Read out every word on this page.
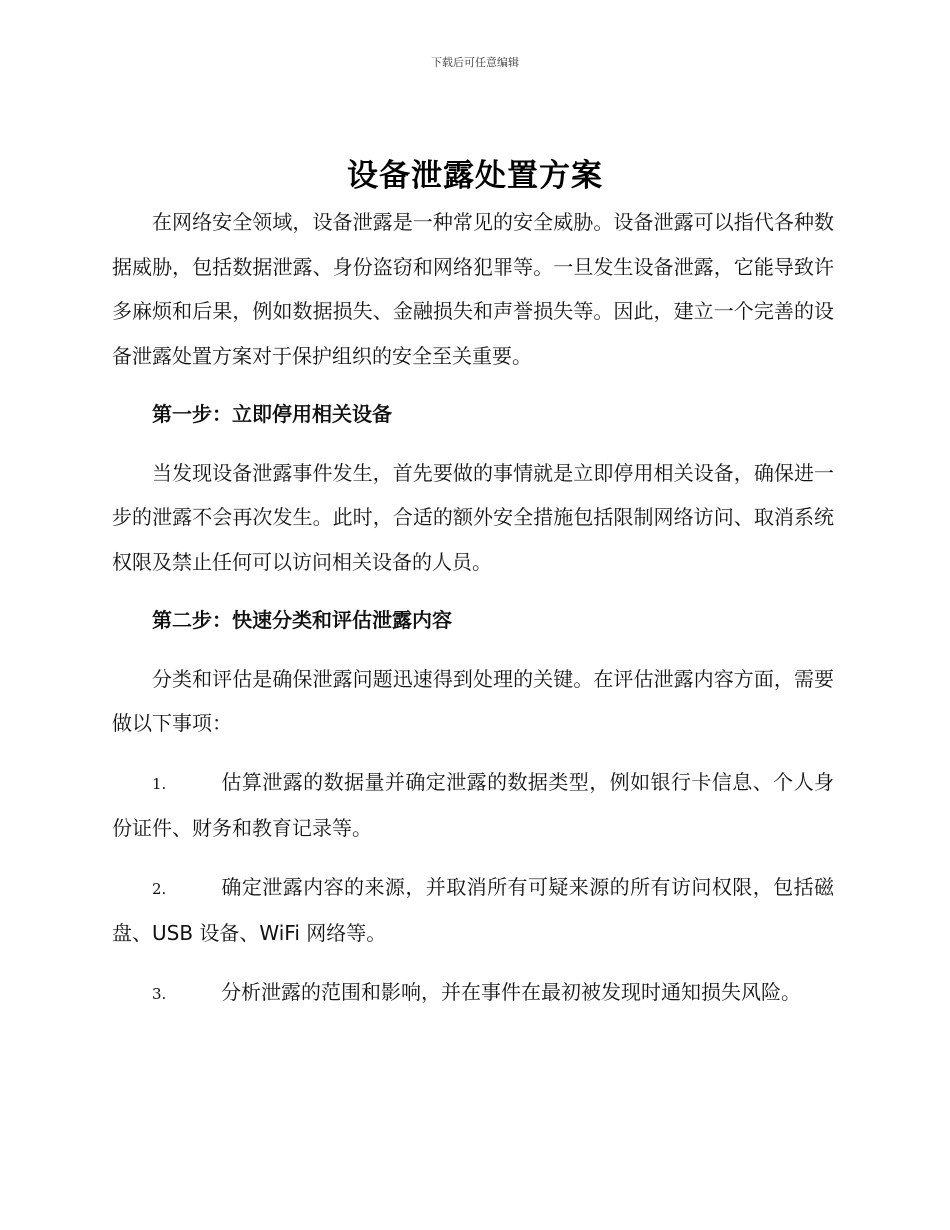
下载后可任意编辑
设备泄露处置方案

在网络安全领域，设备泄露是一种常见的安全威胁。设备泄露可以指代各种数据威胁，包括数据泄露、身份盗窃和网络犯罪等。一旦发生设备泄露，它能导致许多麻烦和后果，例如数据损失、金融损失和声誉损失等。因此，建立一个完善的设备泄露处置方案对于保护组织的安全至关重要。

第一步：立即停用相关设备

当发现设备泄露事件发生，首先要做的事情就是立即停用相关设备，确保进一步的泄露不会再次发生。此时，合适的额外安全措施包括限制网络访问、取消系统权限及禁止任何可以访问相关设备的人员。

第二步：快速分类和评估泄露内容

分类和评估是确保泄露问题迅速得到处理的关键。在评估泄露内容方面，需要做以下事项：

1.	估算泄露的数据量并确定泄露的数据类型，例如银行卡信息、个人身份证件、财务和教育记录等。

2.	确定泄露内容的来源，并取消所有可疑来源的所有访问权限，包括磁盘、USB 设备、WiFi 网络等。

3.	分析泄露的范围和影响，并在事件在最初被发现时通知损失风险。
